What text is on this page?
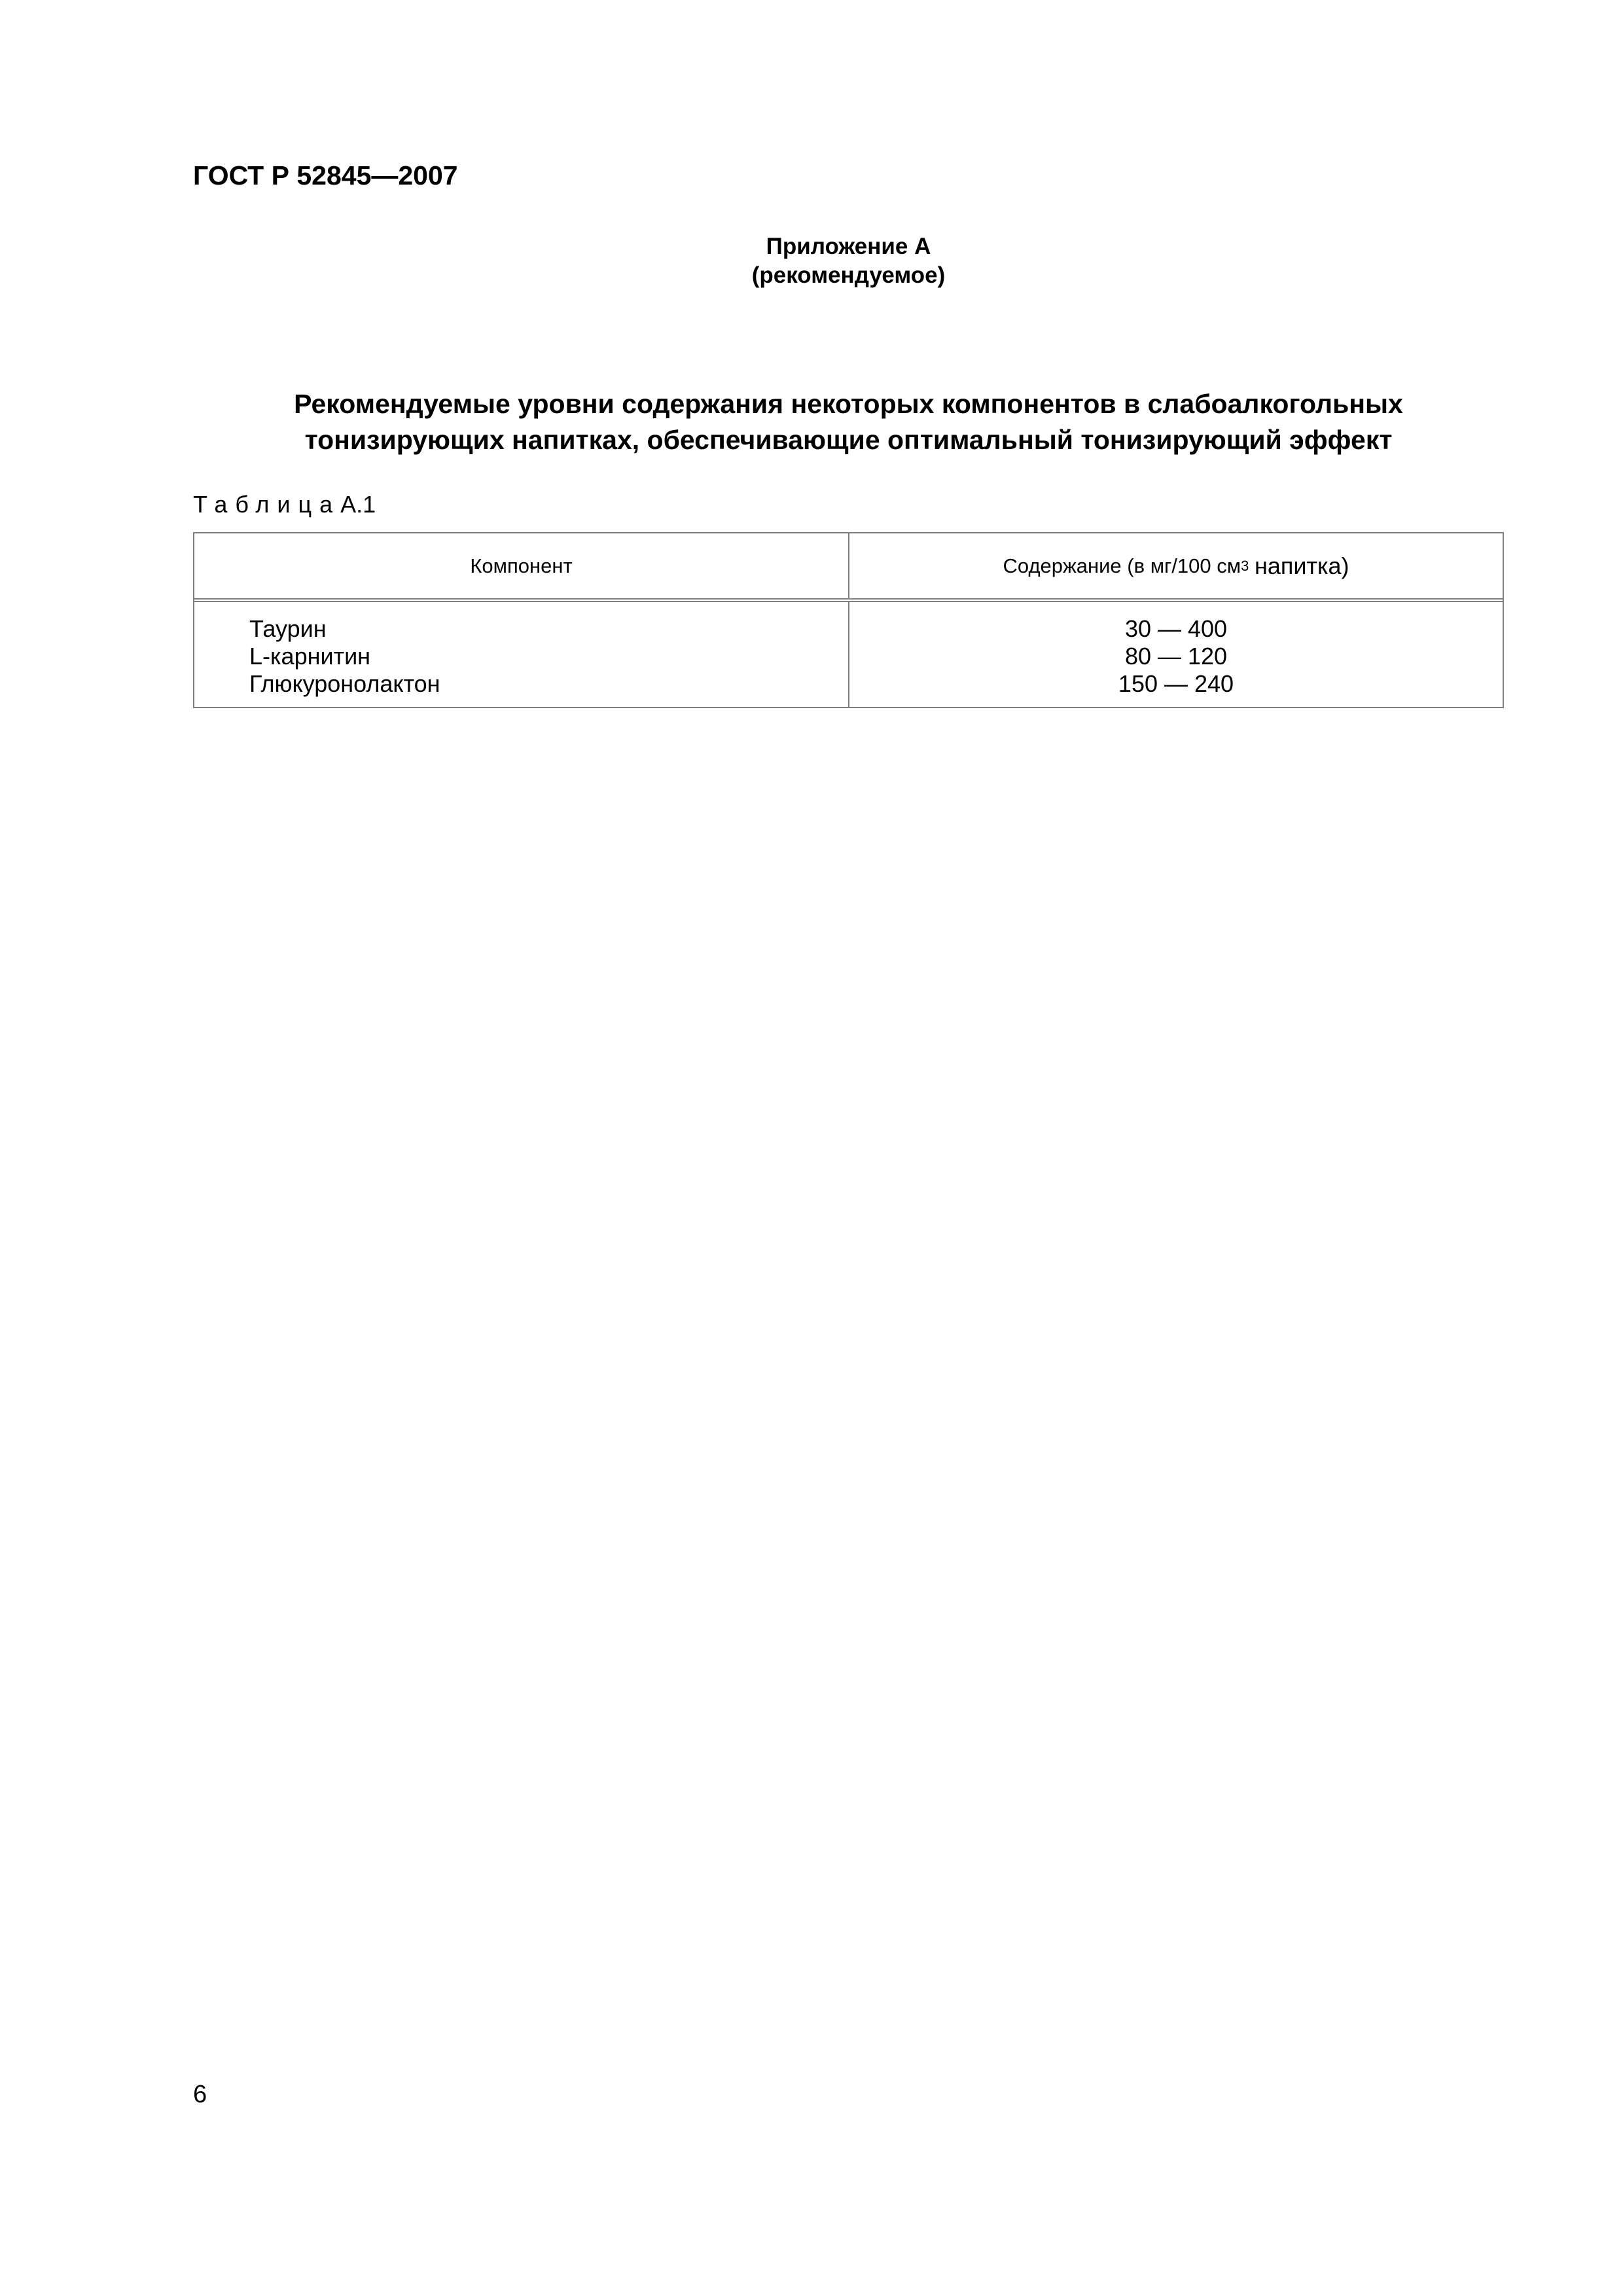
ГОСТ Р 52845—2007
Приложение А
(рекомендуемое)
Рекомендуемые уровни содержания некоторых компонентов в слабоалкогольных
тонизирующих напитках, обеспечивающие оптимальный тонизирующий эффект
ТаблицаА.1
Компонент	Содержание (в мг/100 см 3
напитка)
Таурин
L-карнитин
Глюкуронолактон
30 — 400
80 — 120
150 — 240
6
